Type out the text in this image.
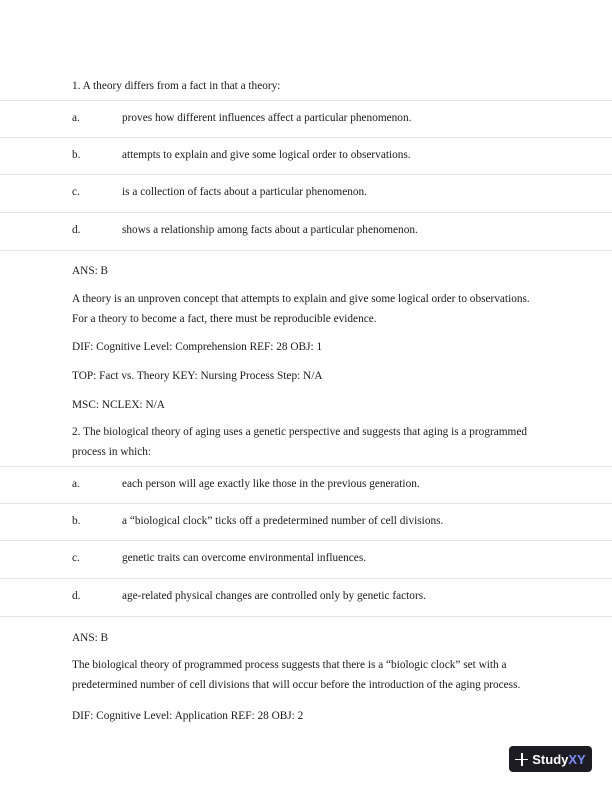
1. A theory differs from a fact in that a theory:
a.	proves how different influences affect a particular phenomenon.
b.	attempts to explain and give some logical order to observations.
c.	is a collection of facts about a particular phenomenon.
d.	shows a relationship among facts about a particular phenomenon.
ANS: B
A theory is an unproven concept that attempts to explain and give some logical order to observations.
For a theory to become a fact, there must be reproducible evidence.
DIF: Cognitive Level: Comprehension REF: 28 OBJ: 1
TOP: Fact vs. Theory KEY: Nursing Process Step: N/A
MSC: NCLEX: N/A
2. The biological theory of aging uses a genetic perspective and suggests that aging is a programmed
process in which:
a.	each person will age exactly like those in the previous generation.
b.	a “biological clock” ticks off a predetermined number of cell divisions.
c.	genetic traits can overcome environmental influences.
d.	age-related physical changes are controlled only by genetic factors.
ANS: B
The biological theory of programmed process suggests that there is a “biologic clock” set with a
predetermined number of cell divisions that will occur before the introduction of the aging process.
DIF: Cognitive Level: Application REF: 28 OBJ: 2
StudyXY
